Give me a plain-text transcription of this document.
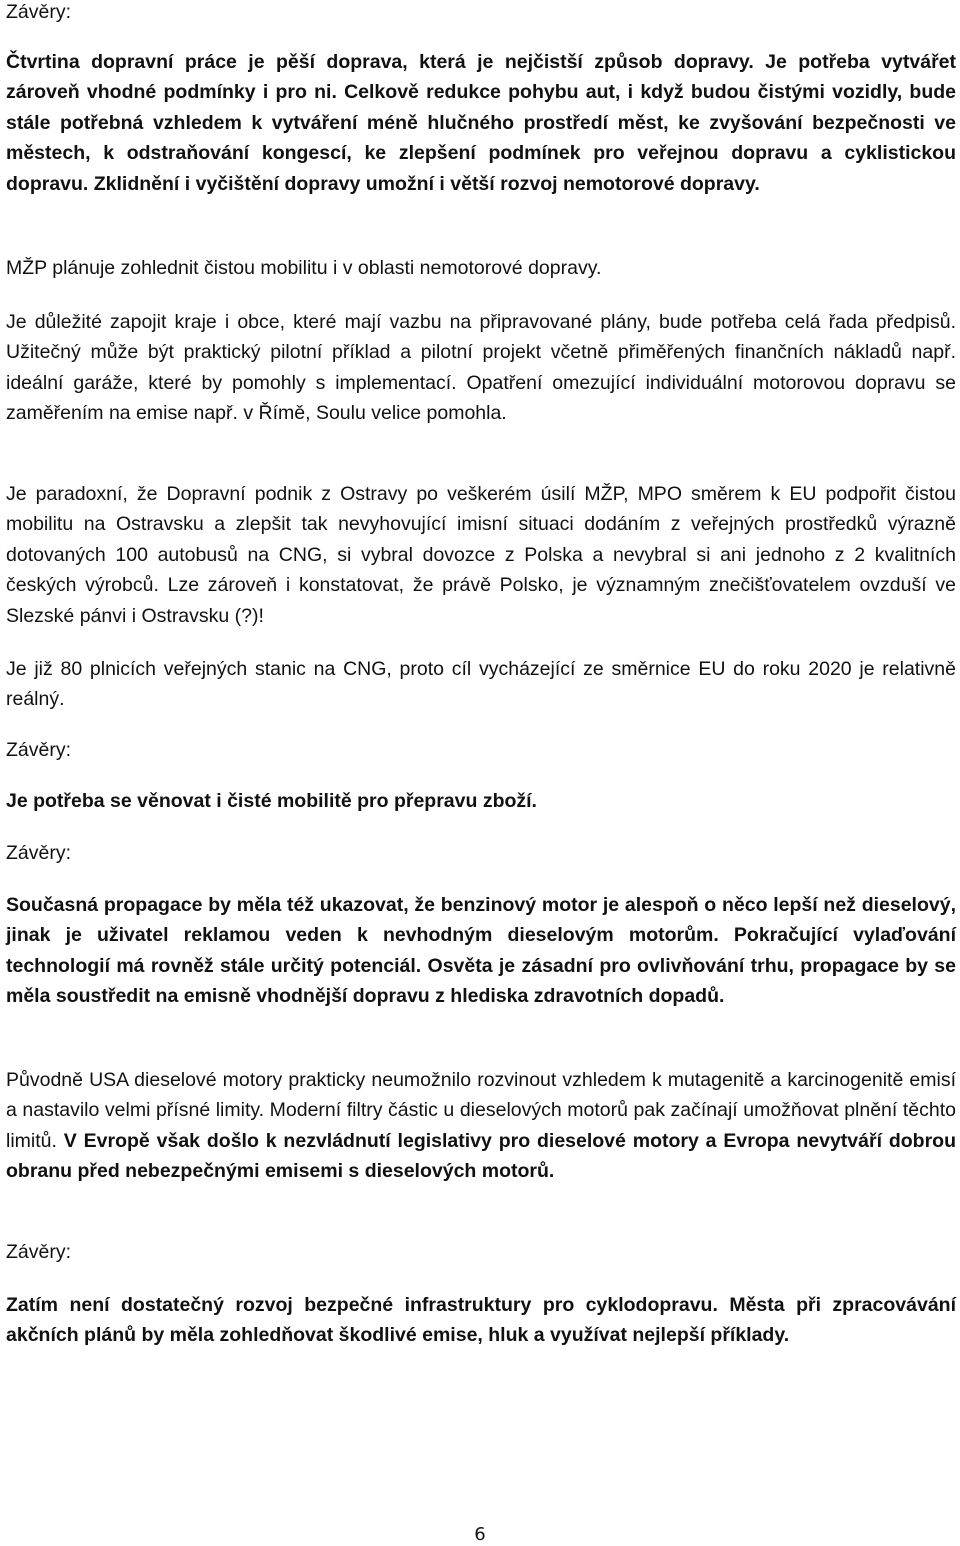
Závěry:

Čtvrtina dopravní práce je pěší doprava, která je nejčistší způsob dopravy. Je potřeba vytvářet zároveň vhodné podmínky i pro ni. Celkově redukce pohybu aut, i když budou čistými vozidly, bude stále potřebná vzhledem k vytváření méně hlučného prostředí měst, ke zvyšování bezpečnosti ve městech, k odstraňování kongescí, ke zlepšení podmínek pro veřejnou dopravu a cyklistickou dopravu. Zklidnění i vyčištění dopravy umožní i větší rozvoj nemotorové dopravy.

MŽP plánuje zohlednit čistou mobilitu i v oblasti nemotorové dopravy.

Je důležité zapojit kraje i obce, které mají vazbu na připravované plány, bude potřeba celá řada předpisů. Užitečný může být praktický pilotní příklad a pilotní projekt včetně přiměřených finančních nákladů např. ideální garáže, které by pomohly s implementací. Opatření omezující individuální motorovou dopravu se zaměřením na emise např. v Římě, Soulu velice pomohla.

Je paradoxní, že Dopravní podnik z Ostravy po veškerém úsilí MŽP, MPO směrem k EU podpořit čistou mobilitu na Ostravsku a zlepšit tak nevyhovující imisní situaci dodáním z veřejných prostředků výrazně dotovaných 100 autobusů na CNG, si vybral dovozce z Polska a nevybral si ani jednoho z 2 kvalitních českých výrobců. Lze zároveň i konstatovat, že právě Polsko, je významným znečišťovatelem ovzduší ve Slezské pánvi i Ostravsku (?)!

Je již 80 plnicích veřejných stanic na CNG, proto cíl vycházející ze směrnice EU do roku 2020 je relativně reálný.

Závěry:

Je potřeba se věnovat i čisté mobilitě pro přepravu zboží.

Závěry:

Současná propagace by měla též ukazovat, že benzinový motor je alespoň o něco lepší než dieselový, jinak je uživatel reklamou veden k nevhodným dieselovým motorům. Pokračující vylaďování technologií má rovněž stále určitý potenciál. Osvěta je zásadní pro ovlivňování trhu, propagace by se měla soustředit na emisně vhodnější dopravu z hlediska zdravotních dopadů.

Původně USA dieselové motory prakticky neumožnilo rozvinout vzhledem k mutagenitě a karcinogenitě emisí a nastavilo velmi přísné limity. Moderní filtry částic u dieselových motorů pak začínají umožňovat plnění těchto limitů. V Evropě však došlo k nezvládnutí legislativy pro dieselové motory a Evropa nevytváří dobrou obranu před nebezpečnými emisemi s dieselových motorů.

Závěry:

Zatím není dostatečný rozvoj bezpečné infrastruktury pro cyklodopravu. Města při zpracovávání akčních plánů by měla zohledňovat škodlivé emise, hluk a využívat nejlepší příklady.

6
